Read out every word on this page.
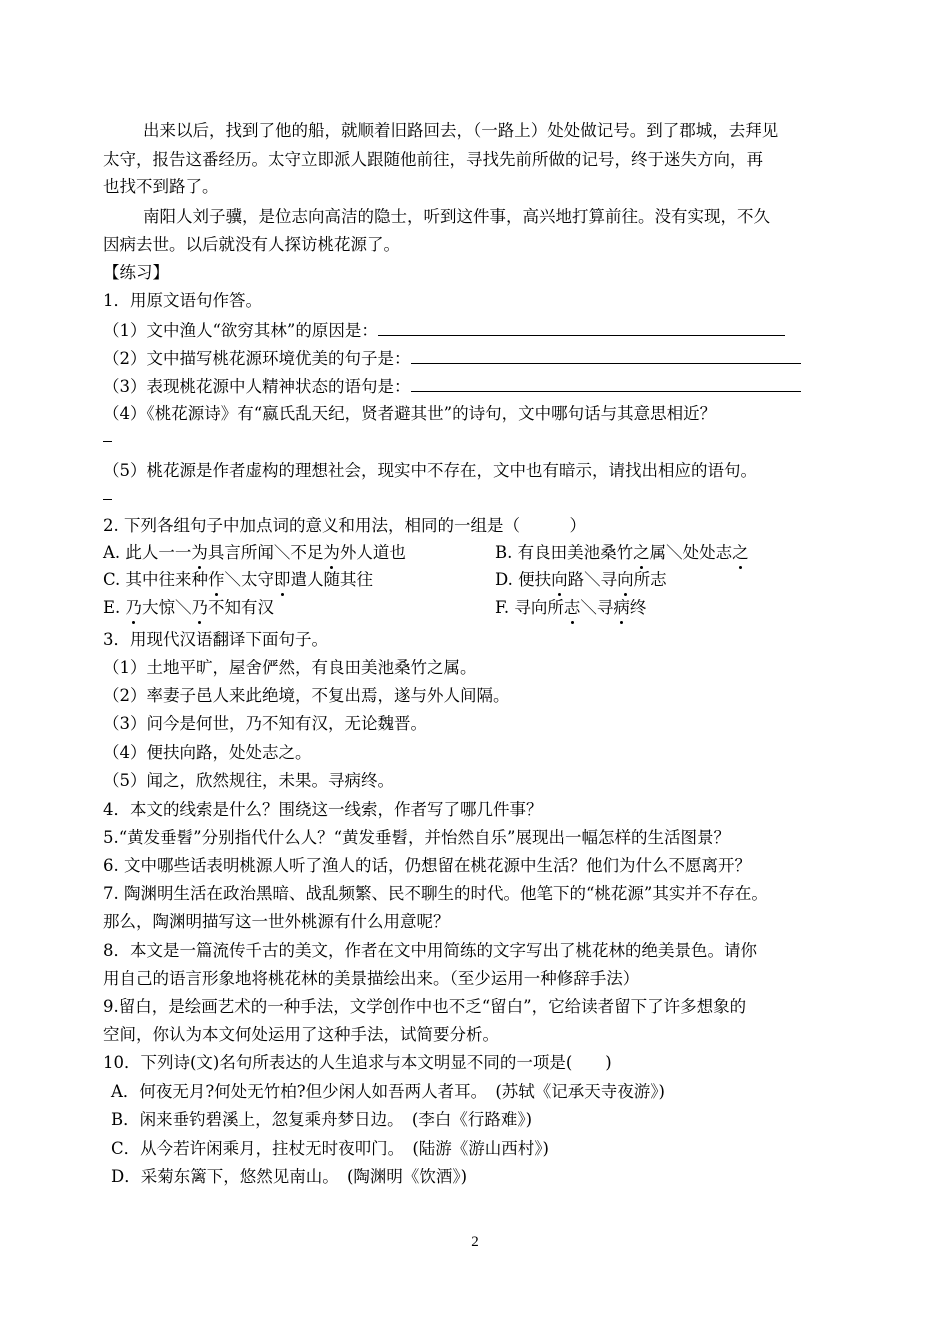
出来以后，找到了他的船，就顺着旧路回去，（一路上）处处做记号。到了郡城，去拜见
太守，报告这番经历。太守立即派人跟随他前往，寻找先前所做的记号，终于迷失方向，再
也找不到路了。
南阳人刘子骥，是位志向高洁的隐士，听到这件事，高兴地打算前往。没有实现，不久
因病去世。以后就没有人探访桃花源了。
【练习】
1．用原文语句作答。
（1）文中渔人“欲穷其林”的原因是：
（2）文中描写桃花源环境优美的句子是：
（3）表现桃花源中人精神状态的语句是：
（4）《桃花源诗》有“嬴氏乱天纪，贤者避其世”的诗句，文中哪句话与其意思相近？
（5）桃花源是作者虚构的理想社会，现实中不存在，文中也有暗示，请找出相应的语句。
2. 下列各组句子中加点词的意义和用法，相同的一组是（　　　）
A. 此人一一为具言所闻＼不足为外人道也	B. 有良田美池桑竹之属＼处处志之
C. 其中往来种作＼太守即遣人随其往	D. 便扶向路＼寻向所志
E. 乃大惊＼乃不知有汉	F. 寻向所志＼寻病终
3．用现代汉语翻译下面句子。
（1）土地平旷，屋舍俨然，有良田美池桑竹之属。
（2）率妻子邑人来此绝境，不复出焉，遂与外人间隔。
（3）问今是何世，乃不知有汉，无论魏晋。
（4）便扶向路，处处志之。
（5）闻之，欣然规往，未果。寻病终。
4．本文的线索是什么？围绕这一线索，作者写了哪几件事？
5.“黄发垂髫”分别指代什么人？“黄发垂髫，并怡然自乐”展现出一幅怎样的生活图景？
6. 文中哪些话表明桃源人听了渔人的话，仍想留在桃花源中生活？他们为什么不愿离开？
7. 陶渊明生活在政治黑暗、战乱频繁、民不聊生的时代。他笔下的“桃花源”其实并不存在。
那么，陶渊明描写这一世外桃源有什么用意呢？
8．本文是一篇流传千古的美文，作者在文中用简练的文字写出了桃花林的绝美景色。请你
用自己的语言形象地将桃花林的美景描绘出来。（至少运用一种修辞手法）
9.留白，是绘画艺术的一种手法，文学创作中也不乏“留白”，它给读者留下了许多想象的
空间，你认为本文何处运用了这种手法，试简要分析。
10．下列诗(文)名句所表达的人生追求与本文明显不同的一项是(　　)
A．何夜无月?何处无竹柏?但少闲人如吾两人者耳。　(苏轼《记承天寺夜游》)
B．闲来垂钓碧溪上，忽复乘舟梦日边。　(李白《行路难》)
C．从今若许闲乘月，拄杖无时夜叩门。　(陆游《游山西村》)
D．采菊东篱下，悠然见南山。　(陶渊明《饮酒》)
2
